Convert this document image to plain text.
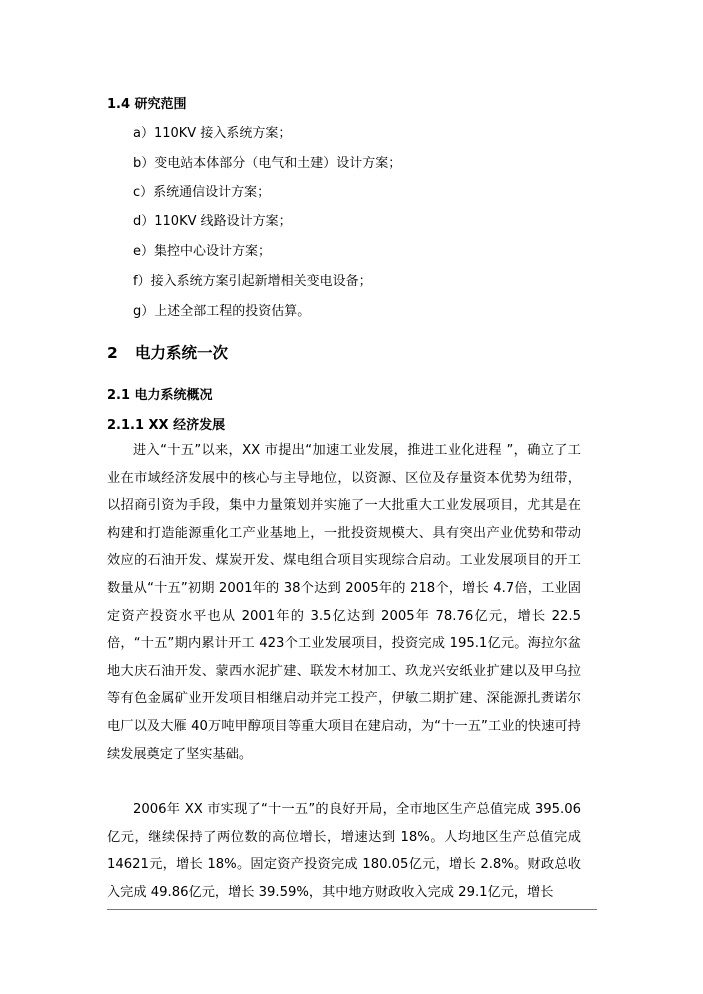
1.4 研究范围
a）110KV 接入系统方案；
b）变电站本体部分（电气和土建）设计方案；
c）系统通信设计方案；
d）110KV 线路设计方案；
e）集控中心设计方案；
f）接入系统方案引起新增相关变电设备；
g）上述全部工程的投资估算。
2 电力系统一次
2.1 电力系统概况
2.1.1 XX 经济发展

进入“十五”以来，XX 市提出“加速工业发展，推进工业化进程 ”，确立了工业在市域经济发展中的核心与主导地位，以资源、区位及存量资本优势为纽带，以招商引资为手段，集中力量策划并实施了一大批重大工业发展项目，尤其是在构建和打造能源重化工产业基地上，一批投资规模大、具有突出产业优势和带动效应的石油开发、煤炭开发、煤电组合项目实现综合启动。工业发展项目的开工数量从“十五”初期 2001年的 38个达到 2005年的 218个，增长 4.7倍，工业固定资产投资水平也从 2001年的 3.5亿达到 2005年 78.76亿元，增长 22.5倍，“十五”期内累计开工 423个工业发展项目，投资完成 195.1亿元。海拉尔盆地大庆石油开发、蒙西水泥扩建、联发木材加工、玖龙兴安纸业扩建以及甲乌拉等有色金属矿业开发项目相继启动并完工投产，伊敏二期扩建、深能源扎赉诺尔电厂以及大雁 40万吨甲醇项目等重大项目在建启动，为“十一五”工业的快速可持续发展奠定了坚实基础。

2006年 XX 市实现了“十一五”的良好开局，全市地区生产总值完成 395.06亿元，继续保持了两位数的高位增长，增速达到 18%。人均地区生产总值完成 14621元，增长 18%。固定资产投资完成 180.05亿元，增长 2.8%。财政总收入完成 49.86亿元，增长 39.59%，其中地方财政收入完成 29.1亿元，增长
